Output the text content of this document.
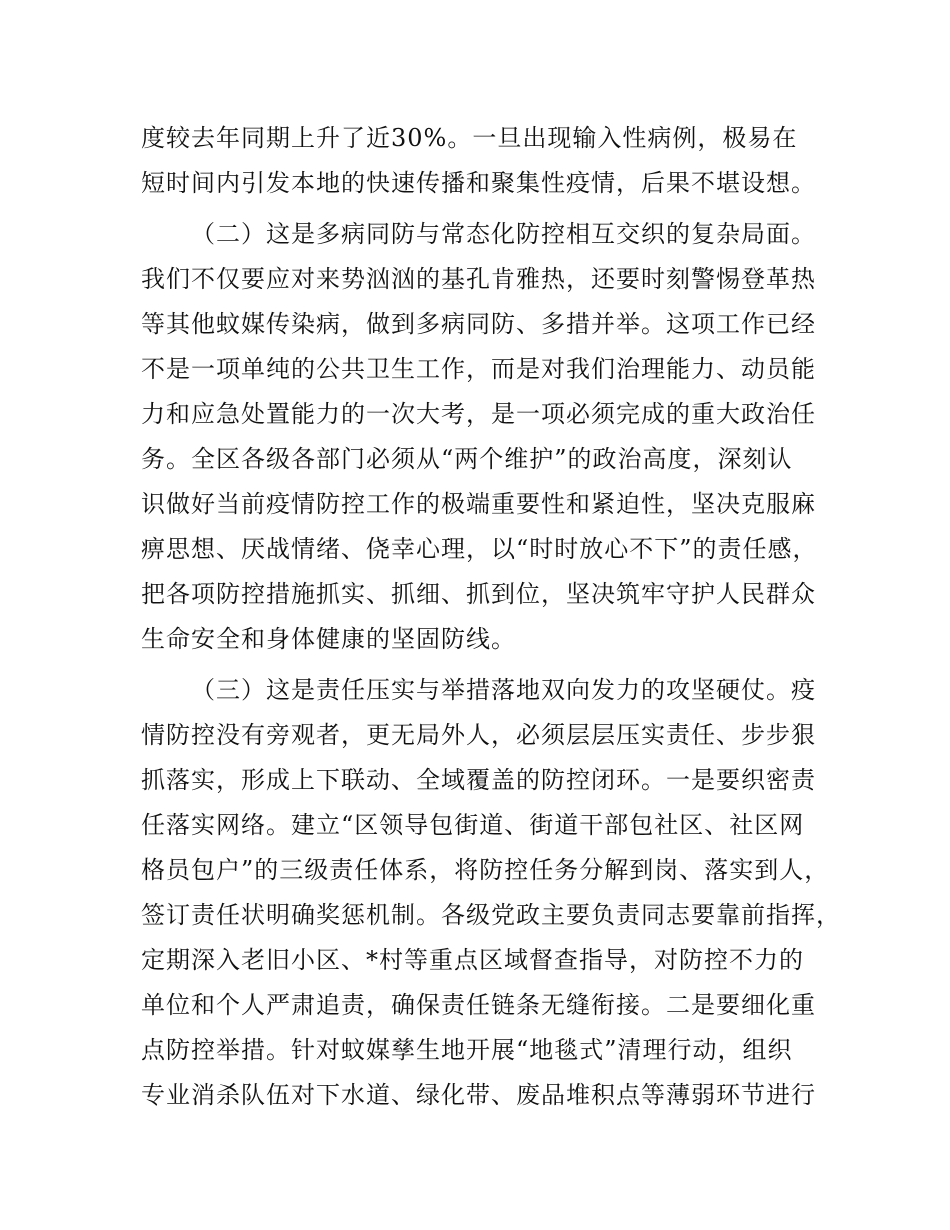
度较去年同期上升了近30%。一旦出现输入性病例，极易在
短时间内引发本地的快速传播和聚集性疫情，后果不堪设想。
（二）这是多病同防与常态化防控相互交织的复杂局面。
我们不仅要应对来势汹汹的基孔肯雅热，还要时刻警惕登革热
等其他蚊媒传染病，做到多病同防、多措并举。这项工作已经
不是一项单纯的公共卫生工作，而是对我们治理能力、动员能
力和应急处置能力的一次大考，是一项必须完成的重大政治任
务。全区各级各部门必须从“两个维护”的政治高度，深刻认
识做好当前疫情防控工作的极端重要性和紧迫性，坚决克服麻
痹思想、厌战情绪、侥幸心理，以“时时放心不下”的责任感，
把各项防控措施抓实、抓细、抓到位，坚决筑牢守护人民群众
生命安全和身体健康的坚固防线。
（三）这是责任压实与举措落地双向发力的攻坚硬仗。疫
情防控没有旁观者，更无局外人，必须层层压实责任、步步狠
抓落实，形成上下联动、全域覆盖的防控闭环。一是要织密责
任落实网络。建立“区领导包街道、街道干部包社区、社区网
格员包户”的三级责任体系，将防控任务分解到岗、落实到人，
签订责任状明确奖惩机制。各级党政主要负责同志要靠前指挥，
定期深入老旧小区、*村等重点区域督查指导，对防控不力的
单位和个人严肃追责，确保责任链条无缝衔接。二是要细化重
点防控举措。针对蚊媒孳生地开展“地毯式”清理行动，组织
专业消杀队伍对下水道、绿化带、废品堆积点等薄弱环节进行
